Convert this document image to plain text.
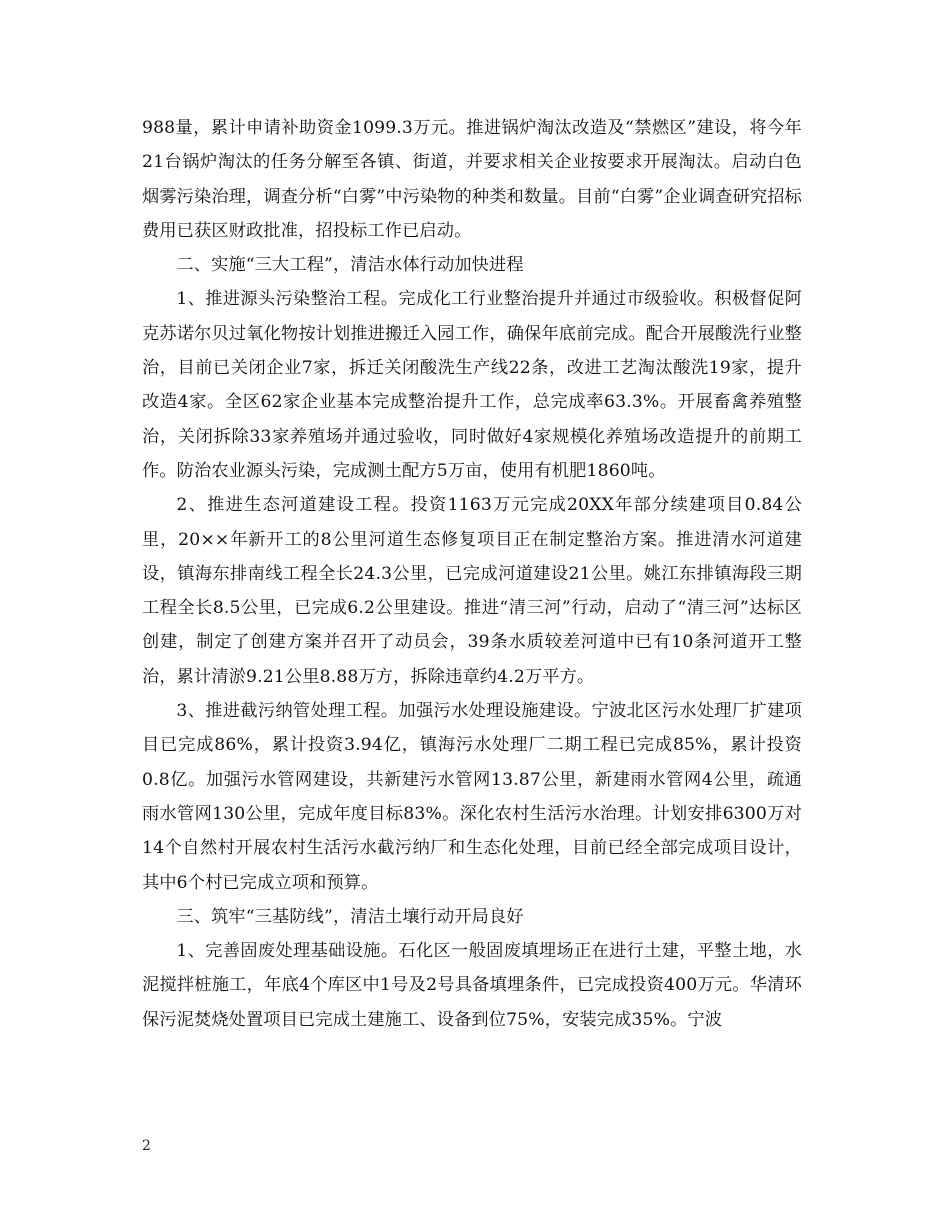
988量，累计申请补助资金1099.3万元。推进锅炉淘汰改造及“禁燃区”建设，将今年21台锅炉淘汰的任务分解至各镇、街道，并要求相关企业按要求开展淘汰。启动白色烟雾污染治理，调查分析“白雾”中污染物的种类和数量。目前“白雾”企业调查研究招标费用已获区财政批准，招投标工作已启动。

二、实施“三大工程”，清洁水体行动加快进程

1、推进源头污染整治工程。完成化工行业整治提升并通过市级验收。积极督促阿克苏诺尔贝过氧化物按计划推进搬迁入园工作，确保年底前完成。配合开展酸洗行业整治，目前已关闭企业7家，拆迁关闭酸洗生产线22条，改进工艺淘汰酸洗19家，提升改造4家。全区62家企业基本完成整治提升工作，总完成率63.3%。开展畜禽养殖整治，关闭拆除33家养殖场并通过验收，同时做好4家规模化养殖场改造提升的前期工作。防治农业源头污染，完成测土配方5万亩，使用有机肥1860吨。

2、推进生态河道建设工程。投资1163万元完成20XX年部分续建项目0.84公里，20××年新开工的8公里河道生态修复项目正在制定整治方案。推进清水河道建设，镇海东排南线工程全长24.3公里，已完成河道建设21公里。姚江东排镇海段三期工程全长8.5公里，已完成6.2公里建设。推进“清三河”行动，启动了“清三河”达标区创建，制定了创建方案并召开了动员会，39条水质较差河道中已有10条河道开工整治，累计清淤9.21公里8.88万方，拆除违章约4.2万平方。

3、推进截污纳管处理工程。加强污水处理设施建设。宁波北区污水处理厂扩建项目已完成86%，累计投资3.94亿，镇海污水处理厂二期工程已完成85%，累计投资0.8亿。加强污水管网建设，共新建污水管网13.87公里，新建雨水管网4公里，疏通雨水管网130公里，完成年度目标83%。深化农村生活污水治理。计划安排6300万对14个自然村开展农村生活污水截污纳厂和生态化处理，目前已经全部完成项目设计，其中6个村已完成立项和预算。

三、筑牢“三基防线”，清洁土壤行动开局良好

1、完善固废处理基础设施。石化区一般固废填埋场正在进行土建，平整土地，水泥搅拌桩施工，年底4个库区中1号及2号具备填埋条件，已完成投资400万元。华清环保污泥焚烧处置项目已完成土建施工、设备到位75%，安装完成35%。宁波

2
